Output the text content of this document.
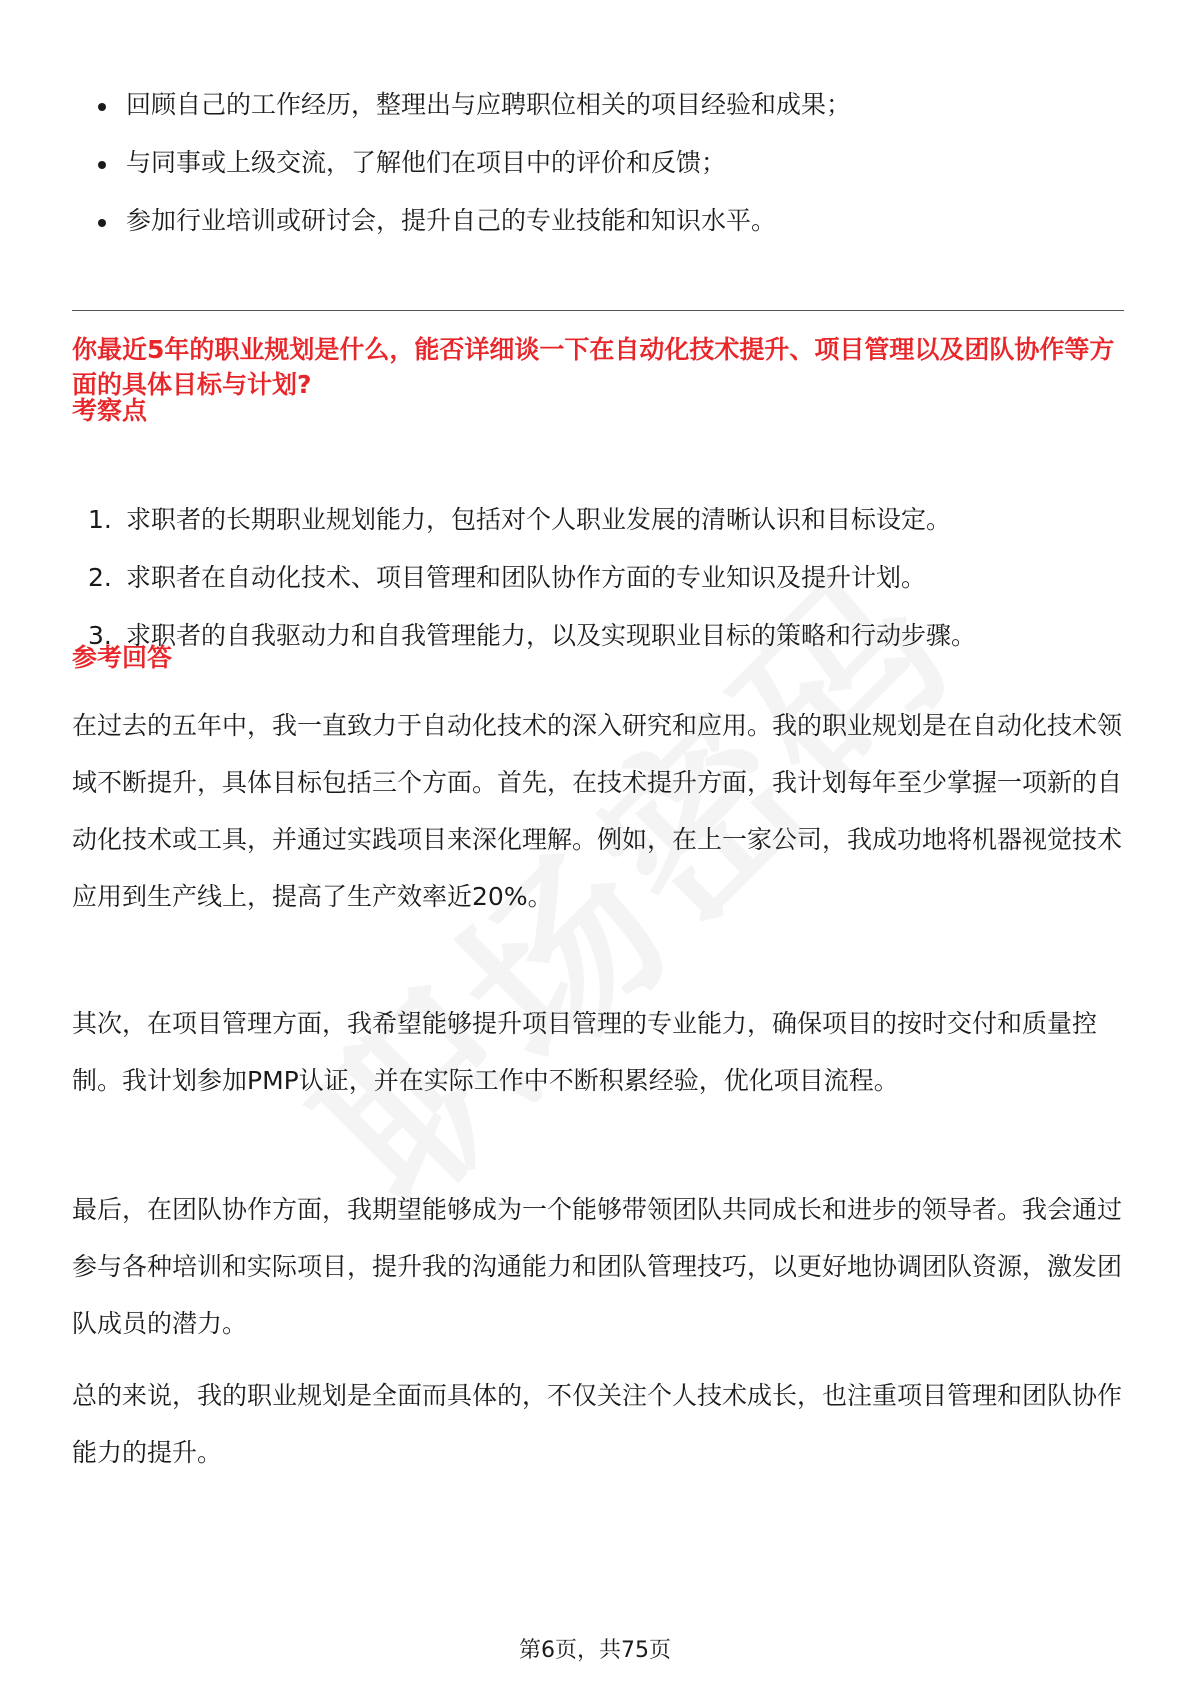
回顾自己的工作经历，整理出与应聘职位相关的项目经验和成果；
与同事或上级交流，了解他们在项目中的评价和反馈；
参加行业培训或研讨会，提升自己的专业技能和知识水平。
你最近5年的职业规划是什么，能否详细谈一下在自动化技术提升、项目管理以及团队协作等方面的具体目标与计划?
考察点
1. 求职者的长期职业规划能力，包括对个人职业发展的清晰认识和目标设定。
2. 求职者在自动化技术、项目管理和团队协作方面的专业知识及提升计划。
3. 求职者的自我驱动力和自我管理能力，以及实现职业目标的策略和行动步骤。
参考回答

在过去的五年中，我一直致力于自动化技术的深入研究和应用。我的职业规划是在自动化技术领域不断提升，具体目标包括三个方面。首先，在技术提升方面，我计划每年至少掌握一项新的自动化技术或工具，并通过实践项目来深化理解。例如，在上一家公司，我成功地将机器视觉技术应用到生产线上，提高了生产效率近20%。

其次，在项目管理方面，我希望能够提升项目管理的专业能力，确保项目的按时交付和质量控制。我计划参加PMP认证，并在实际工作中不断积累经验，优化项目流程。

最后，在团队协作方面，我期望能够成为一个能够带领团队共同成长和进步的领导者。我会通过参与各种培训和实际项目，提升我的沟通能力和团队管理技巧，以更好地协调团队资源，激发团队成员的潜力。

总的来说，我的职业规划是全面而具体的，不仅关注个人技术成长，也注重项目管理和团队协作能力的提升。

第6页，共75页
